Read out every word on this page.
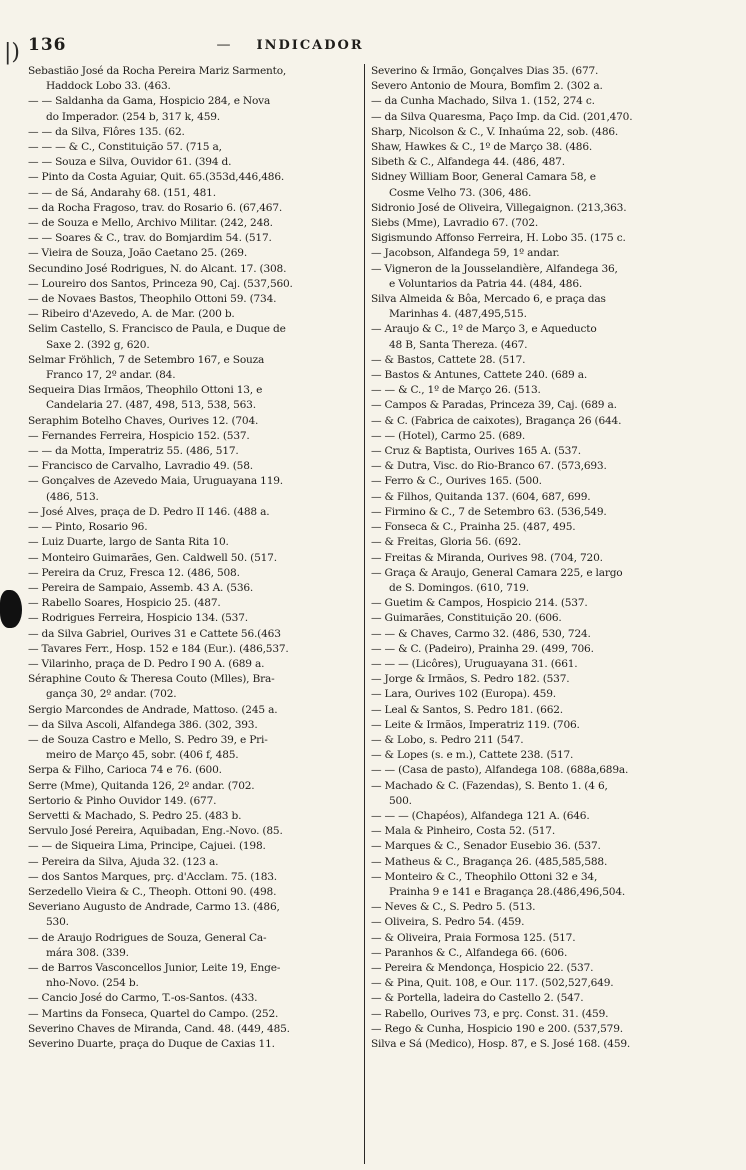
|) 136	— INDICADOR
Sebastião José da Rocha Pereira Mariz Sarmento,
Haddock Lobo 33. (463.
— — Saldanha da Gama, Hospicio 284, e Nova
do Imperador. (254 b, 317 k, 459.
— — da Silva, Flôres 135. (62.
— — — & C., Constituição 57. (715 a,
— — Souza e Silva, Ouvidor 61. (394 d.
— Pinto da Costa Aguiar, Quit. 65.(353d,446,486.
— — de Sá, Andarahy 68. (151, 481.
— da Rocha Fragoso, trav. do Rosario 6. (67,467.
— de Souza e Mello, Archivo Militar. (242, 248.
— — Soares & C., trav. do Bomjardim 54. (517.
— Vieira de Souza, João Caetano 25. (269.
Secundino José Rodrigues, N. do Alcant. 17. (308.
— Loureiro dos Santos, Princeza 90, Caj. (537,560.
— de Novaes Bastos, Theophilo Ottoni 59. (734.
— Ribeiro d'Azevedo, A. de Mar. (200 b.
Selim Castello, S. Francisco de Paula, e Duque de
Saxe 2. (392 g, 620.
Selmar Fröhlich, 7 de Setembro 167, e Souza
Franco 17, 2º andar. (84.
Sequeira Dias Irmãos, Theophilo Ottoni 13, e
Candelaria 27. (487, 498, 513, 538, 563.
Seraphim Botelho Chaves, Ourives 12. (704.
— Fernandes Ferreira, Hospicio 152. (537.
— — da Motta, Imperatriz 55. (486, 517.
— Francisco de Carvalho, Lavradio 49. (58.
— Gonçalves de Azevedo Maia, Uruguayana 119.
(486, 513.
— José Alves, praça de D. Pedro II 146. (488 a.
— — Pinto, Rosario 96.
— Luiz Duarte, largo de Santa Rita 10.
— Monteiro Guimarães, Gen. Caldwell 50. (517.
— Pereira da Cruz, Fresca 12. (486, 508.
— Pereira de Sampaio, Assemb. 43 A. (536.
— Rabello Soares, Hospicio 25. (487.
— Rodrigues Ferreira, Hospicio 134. (537.
— da Silva Gabriel, Ourives 31 e Cattete 56.(463
— Tavares Ferr., Hosp. 152 e 184 (Eur.). (486,537.
— Vilarinho, praça de D. Pedro I 90 A. (689 a.
Séraphine Couto & Theresa Couto (Mlles), Bra-
gança 30, 2º andar. (702.
Sergio Marcondes de Andrade, Mattoso. (245 a.
— da Silva Ascoli, Alfandega 386. (302, 393.
— de Souza Castro e Mello, S. Pedro 39, e Pri-
meiro de Março 45, sobr. (406 f, 485.
Serpa & Filho, Carioca 74 e 76. (600.
Serre (Mme), Quitanda 126, 2º andar. (702.
Sertorio & Pinho Ouvidor 149. (677.
Servetti & Machado, S. Pedro 25. (483 b.
Servulo José Pereira, Aquibadan, Eng.-Novo. (85.
— — de Siqueira Lima, Principe, Cajuei. (198.
— Pereira da Silva, Ajuda 32. (123 a.
— dos Santos Marques, prç. d'Acclam. 75. (183.
Serzedello Vieira & C., Theoph. Ottoni 90. (498.
Severiano Augusto de Andrade, Carmo 13. (486,
530.
— de Araujo Rodrigues de Souza, General Ca-
mára 308. (339.
— de Barros Vasconcellos Junior, Leite 19, Enge-
nho-Novo. (254 b.
— Cancio José do Carmo, T.-os-Santos. (433.
— Martins da Fonseca, Quartel do Campo. (252.
Severino Chaves de Miranda, Cand. 48. (449, 485.
Severino Duarte, praça do Duque de Caxias 11.
Severino & Irmão, Gonçalves Dias 35. (677.
Severo Antonio de Moura, Bomfim 2. (302 a.
— da Cunha Machado, Silva 1. (152, 274 c.
— da Silva Quaresma, Paço Imp. da Cid. (201,470.
Sharp, Nicolson & C., V. Inhaúma 22, sob. (486.
Shaw, Hawkes & C., 1º de Março 38. (486.
Sibeth & C., Alfandega 44. (486, 487.
Sidney William Boor, General Camara 58, e
Cosme Velho 73. (306, 486.
Sidronio José de Oliveira, Villegaignon. (213,363.
Siebs (Mme), Lavradio 67. (702.
Sigismundo Affonso Ferreira, H. Lobo 35. (175 c.
— Jacobson, Alfandega 59, 1º andar.
— Vigneron de la Jousselandière, Alfandega 36,
e Voluntarios da Patria 44. (484, 486.
Silva Almeida & Bôa, Mercado 6, e praça das
Marinhas 4. (487,495,515.
— Araujo & C., 1º de Março 3, e Aqueducto
48 B, Santa Thereza. (467.
— & Bastos, Cattete 28. (517.
— Bastos & Antunes, Cattete 240. (689 a.
— — & C., 1º de Março 26. (513.
— Campos & Paradas, Princeza 39, Caj. (689 a.
— & C. (Fabrica de caixotes), Bragança 26 (644.
— — (Hotel), Carmo 25. (689.
— Cruz & Baptista, Ourives 165 A. (537.
— & Dutra, Visc. do Rio-Branco 67. (573,693.
— Ferro & C., Ourives 165. (500.
— & Filhos, Quitanda 137. (604, 687, 699.
— Firmino & C., 7 de Setembro 63. (536,549.
— Fonseca & C., Prainha 25. (487, 495.
— & Freitas, Gloria 56. (692.
— Freitas & Miranda, Ourives 98. (704, 720.
— Graça & Araujo, General Camara 225, e largo
de S. Domingos. (610, 719.
— Guetim & Campos, Hospicio 214. (537.
— Guimarães, Constituição 20. (606.
— — & Chaves, Carmo 32. (486, 530, 724.
— — & C. (Padeiro), Prainha 29. (499, 706.
— — — (Licôres), Uruguayana 31. (661.
— Jorge & Irmãos, S. Pedro 182. (537.
— Lara, Ourives 102 (Europa). 459.
— Leal & Santos, S. Pedro 181. (662.
— Leite & Irmãos, Imperatriz 119. (706.
— & Lobo, s. Pedro 211 (547.
— & Lopes (s. e m.), Cattete 238. (517.
— — (Casa de pasto), Alfandega 108. (688a,689a.
— Machado & C. (Fazendas), S. Bento 1. (4 6,
500.
— — — (Chapéos), Alfandega 121 A. (646.
— Mala & Pinheiro, Costa 52. (517.
— Marques & C., Senador Eusebio 36. (537.
— Matheus & C., Bragança 26. (485,585,588.
— Monteiro & C., Theophilo Ottoni 32 e 34,
Prainha 9 e 141 e Bragança 28.(486,496,504.
— Neves & C., S. Pedro 5. (513.
— Oliveira, S. Pedro 54. (459.
— & Oliveira, Praia Formosa 125. (517.
— Paranhos & C., Alfandega 66. (606.
— Pereira & Mendonça, Hospicio 22. (537.
— & Pina, Quit. 108, e Our. 117. (502,527,649.
— & Portella, ladeira do Castello 2. (547.
— Rabello, Ourives 73, e prç. Const. 31. (459.
— Rego & Cunha, Hospicio 190 e 200. (537,579.
Silva e Sá (Medico), Hosp. 87, e S. José 168. (459.
